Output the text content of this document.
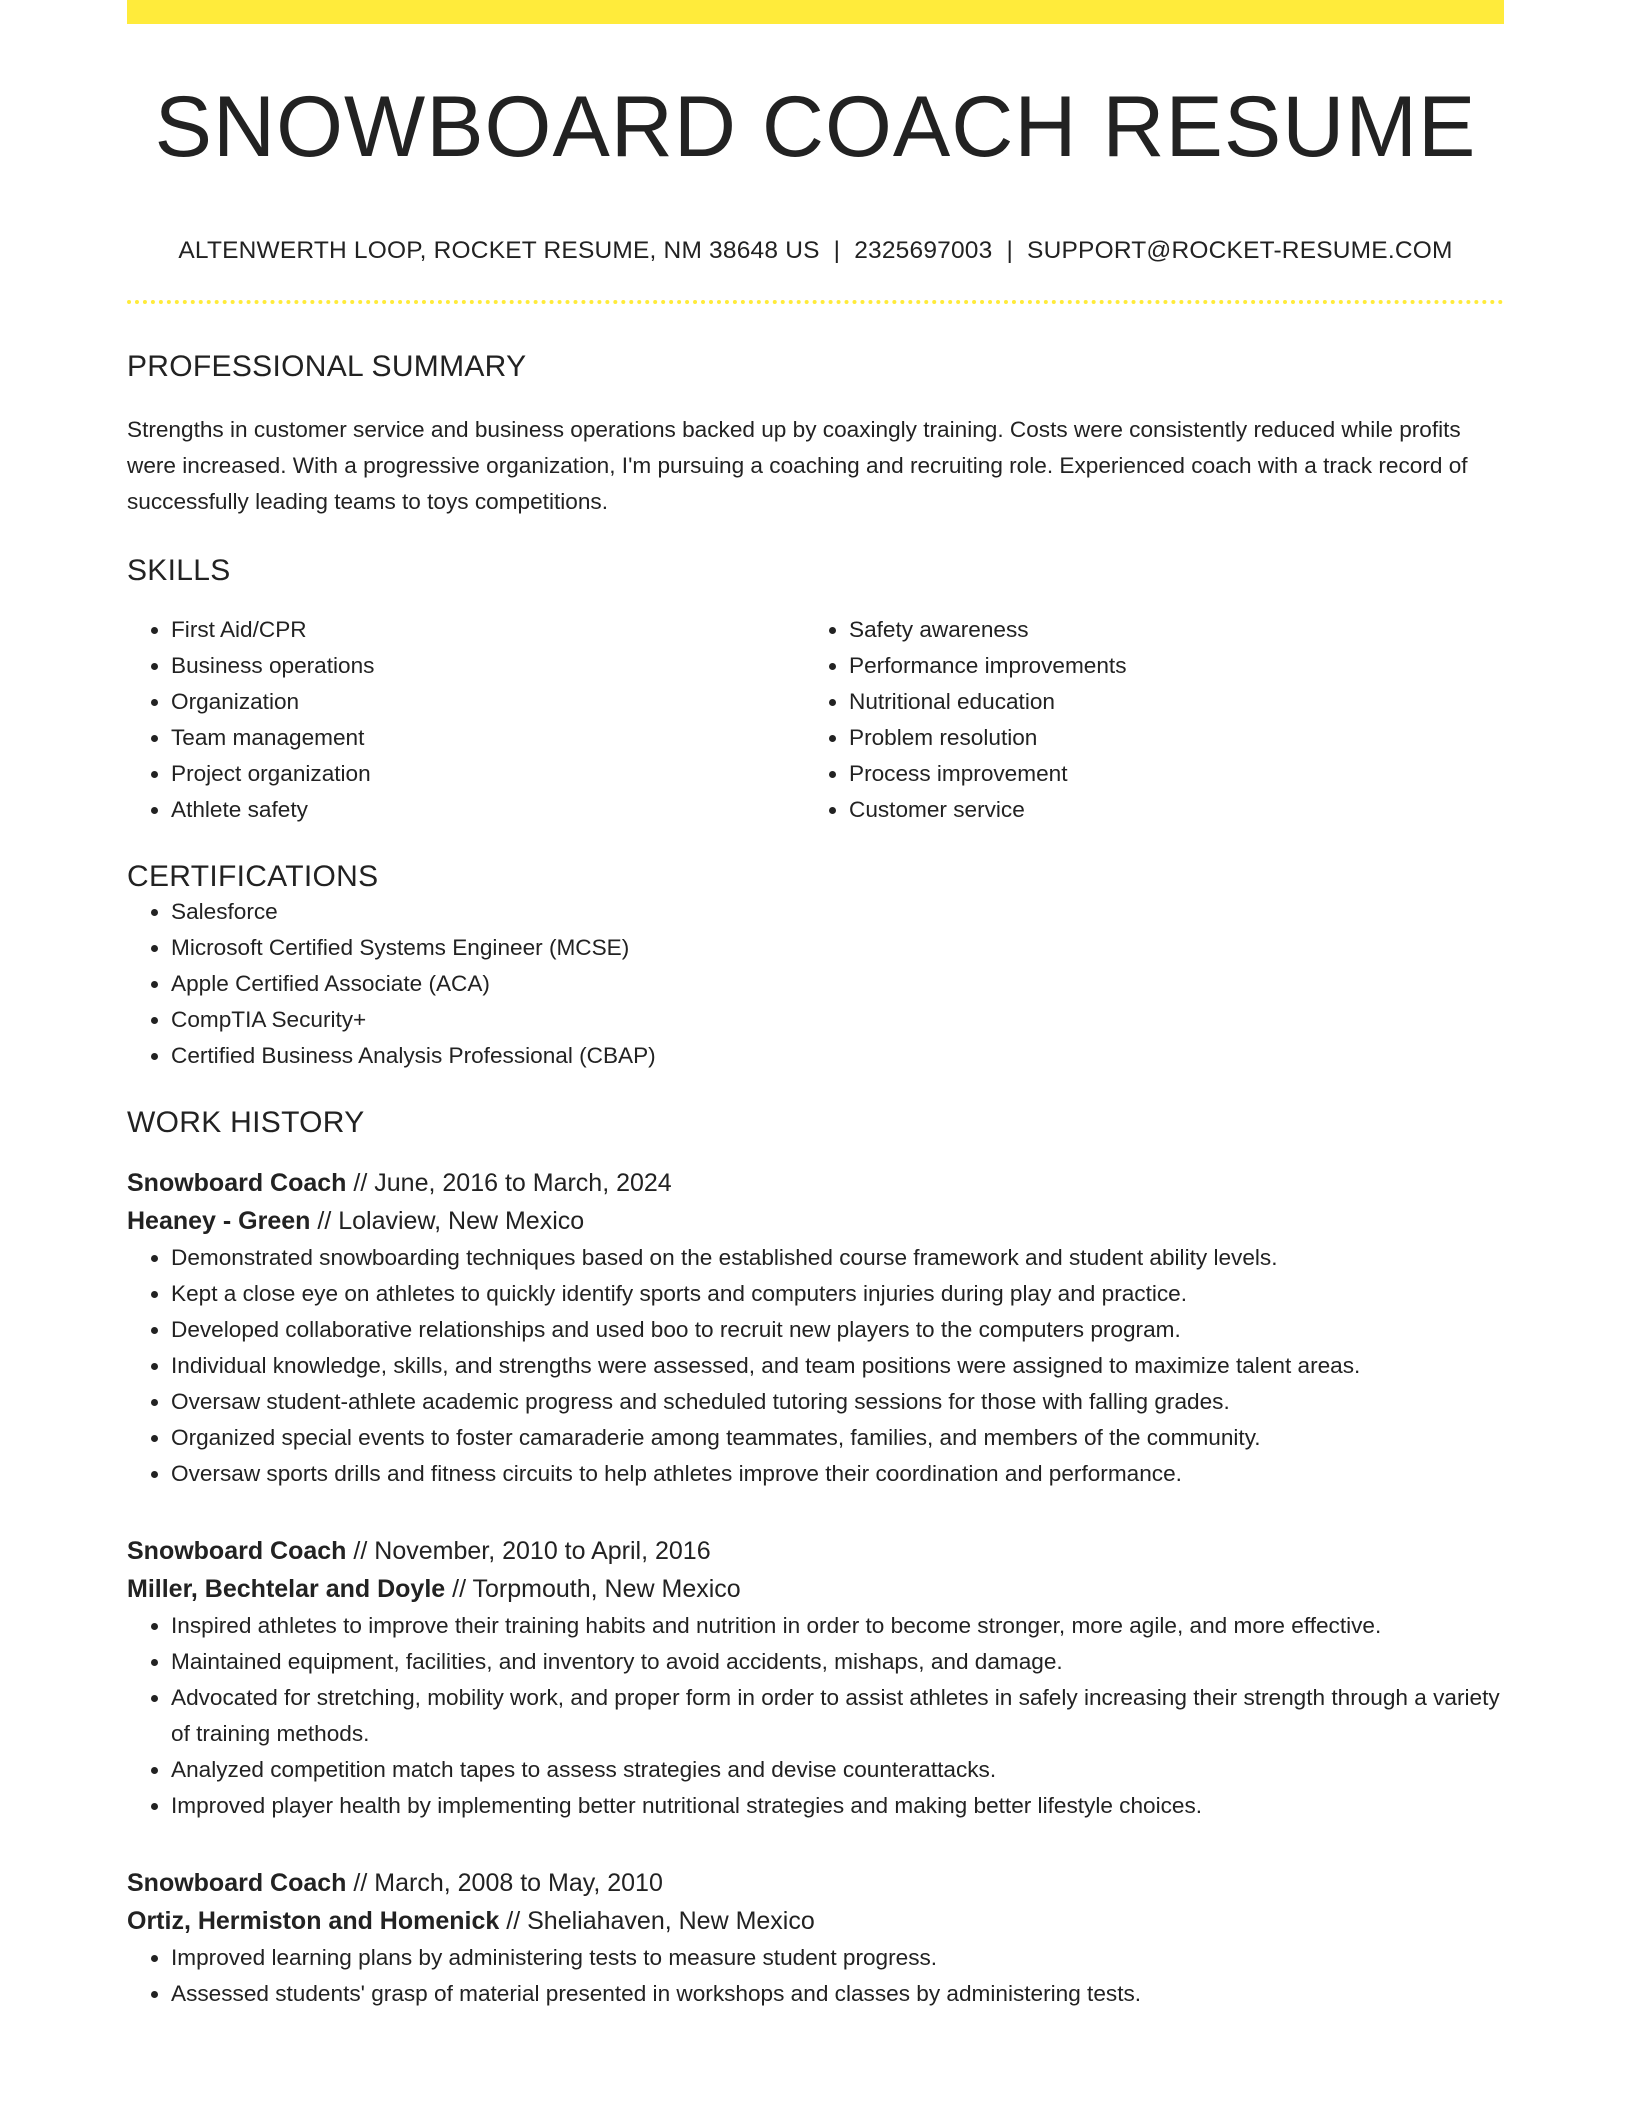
SNOWBOARD COACH RESUME
ALTENWERTH LOOP, ROCKET RESUME, NM 38648 US | 2325697003 | SUPPORT@ROCKET-RESUME.COM
PROFESSIONAL SUMMARY

Strengths in customer service and business operations backed up by coaxingly training. Costs were consistently reduced while profits were increased. With a progressive organization, I'm pursuing a coaching and recruiting role. Experienced coach with a track record of successfully leading teams to toys competitions.

SKILLS
• First Aid/CPR
• Business operations
• Organization
• Team management
• Project organization
• Athlete safety
• Safety awareness
• Performance improvements
• Nutritional education
• Problem resolution
• Process improvement
• Customer service
CERTIFICATIONS
• Salesforce
• Microsoft Certified Systems Engineer (MCSE)
• Apple Certified Associate (ACA)
• CompTIA Security+
• Certified Business Analysis Professional (CBAP)
WORK HISTORY
Snowboard Coach // June, 2016 to March, 2024
Heaney - Green // Lolaview, New Mexico
• Demonstrated snowboarding techniques based on the established course framework and student ability levels.
• Kept a close eye on athletes to quickly identify sports and computers injuries during play and practice.
• Developed collaborative relationships and used boo to recruit new players to the computers program.
• Individual knowledge, skills, and strengths were assessed, and team positions were assigned to maximize talent areas.
• Oversaw student-athlete academic progress and scheduled tutoring sessions for those with falling grades.
• Organized special events to foster camaraderie among teammates, families, and members of the community.
• Oversaw sports drills and fitness circuits to help athletes improve their coordination and performance.
Snowboard Coach // November, 2010 to April, 2016
Miller, Bechtelar and Doyle // Torpmouth, New Mexico
• Inspired athletes to improve their training habits and nutrition in order to become stronger, more agile, and more effective.
• Maintained equipment, facilities, and inventory to avoid accidents, mishaps, and damage.
• Advocated for stretching, mobility work, and proper form in order to assist athletes in safely increasing their strength through a variety of training methods.
• Analyzed competition match tapes to assess strategies and devise counterattacks.
• Improved player health by implementing better nutritional strategies and making better lifestyle choices.
Snowboard Coach // March, 2008 to May, 2010
Ortiz, Hermiston and Homenick // Sheliahaven, New Mexico
• Improved learning plans by administering tests to measure student progress.
• Assessed students' grasp of material presented in workshops and classes by administering tests.
